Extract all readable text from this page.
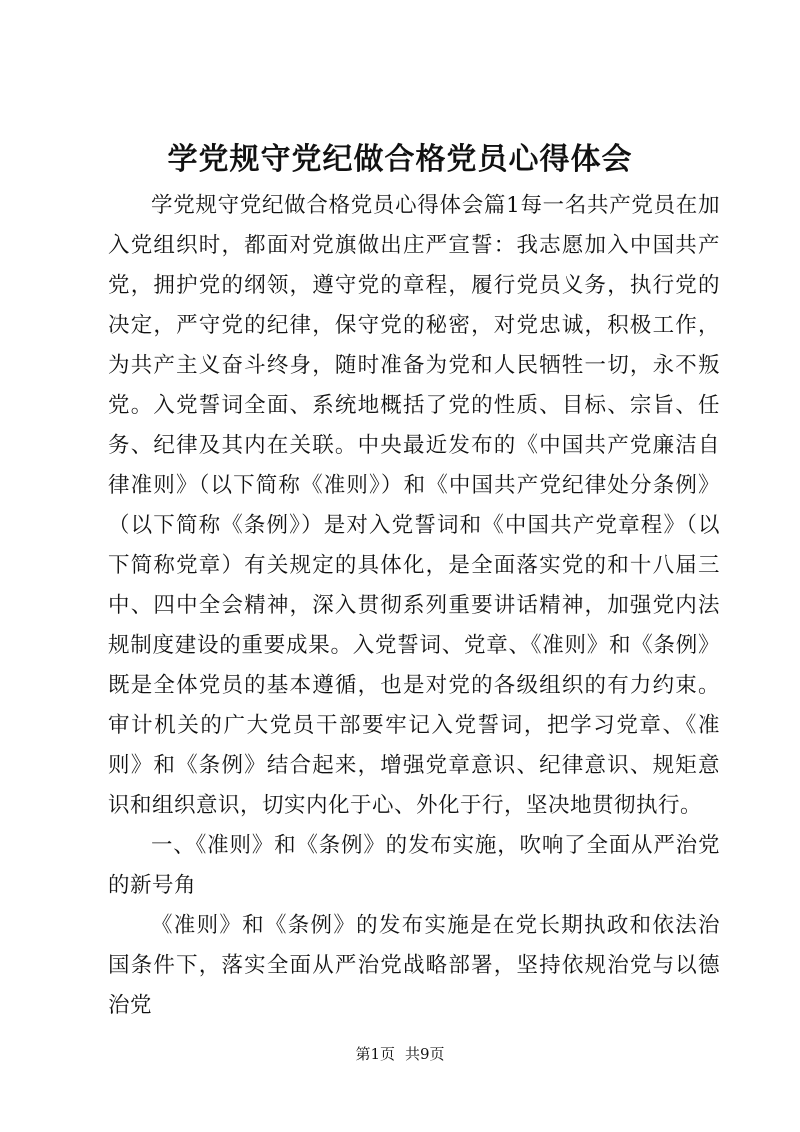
学党规守党纪做合格党员心得体会

学党规守党纪做合格党员心得体会篇1每一名共产党员在加入党组织时，都面对党旗做出庄严宣誓：我志愿加入中国共产党，拥护党的纲领，遵守党的章程，履行党员义务，执行党的决定，严守党的纪律，保守党的秘密，对党忠诚，积极工作，为共产主义奋斗终身，随时准备为党和人民牺牲一切，永不叛党。入党誓词全面、系统地概括了党的性质、目标、宗旨、任务、纪律及其内在关联。中央最近发布的《中国共产党廉洁自律准则》（以下简称《准则》）和《中国共产党纪律处分条例》（以下简称《条例》）是对入党誓词和《中国共产党章程》（以下简称党章）有关规定的具体化，是全面落实党的和十八届三中、四中全会精神，深入贯彻系列重要讲话精神，加强党内法规制度建设的重要成果。入党誓词、党章、《准则》和《条例》既是全体党员的基本遵循，也是对党的各级组织的有力约束。审计机关的广大党员干部要牢记入党誓词，把学习党章、《准则》和《条例》结合起来，增强党章意识、纪律意识、规矩意识和组织意识，切实内化于心、外化于行，坚决地贯彻执行。

一、《准则》和《条例》的发布实施，吹响了全面从严治党的新号角

《准则》和《条例》的发布实施是在党长期执政和依法治国条件下，落实全面从严治党战略部署，坚持依规治党与以德治党

第1页 共9页
